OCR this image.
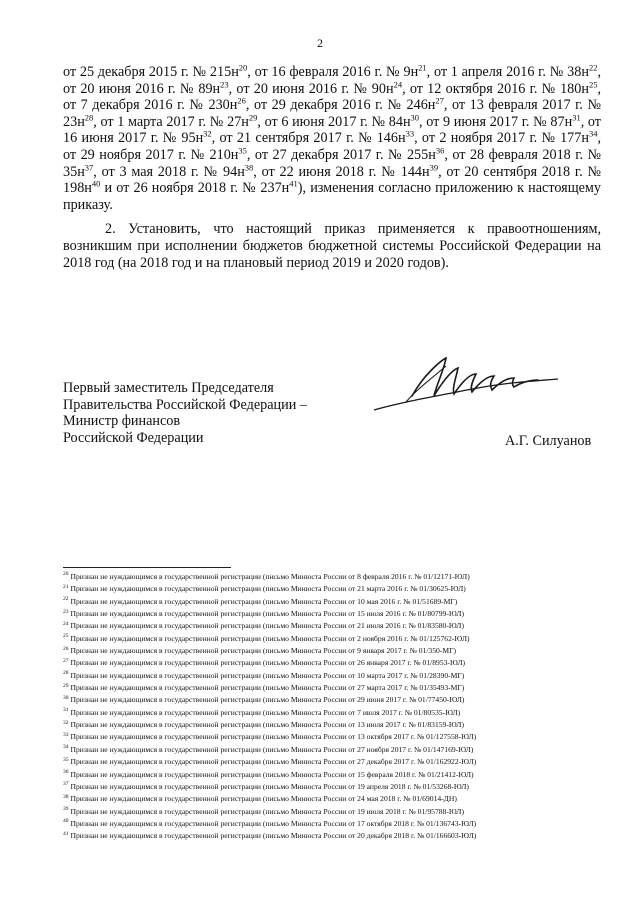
2

от 25 декабря 2015 г. № $215н^{20}$, от 16 февраля 2016 г. № $9н^{21}$, от 1 апреля 2016 г. № $38н^{22}$, от 20 июня 2016 г. № $89н^{23}$, от 20 июня 2016 г. № $90н^{24}$, от 12 октября 2016 г. № $180н^{25}$, от 7 декабря 2016 г. № $230н^{26}$, от 29 декабря 2016 г. № $246н^{27}$, от 13 февраля 2017 г. № $23н^{28}$, от 1 марта 2017 г. № $27н^{29}$, от 6 июня 2017 г. № $84н^{30}$, от 9 июня 2017 г. № $87н^{31}$, от 16 июня 2017 г. № $95н^{32}$, от 21 сентября 2017 г. № $146н^{33}$, от 2 ноября 2017 г. № $177н^{34}$, от 29 ноября 2017 г. № $210н^{35}$, от 27 декабря 2017 г. № $255н^{36}$, от 28 февраля 2018 г. № $35н^{37}$, от 3 мая 2018 г. № $94н^{38}$, от 22 июня 2018 г. № $144н^{39}$, от 20 сентября 2018 г. № $198н^{40}$ и от 26 ноября 2018 г. № $237н^{41}$), изменения согласно приложению к настоящему приказу.

2. Установить, что настоящий приказ применяется к правоотношениям, возникшим при исполнении бюджетов бюджетной системы Российской Федерации на 2018 год (на 2018 год и на плановый период 2019 и 2020 годов).

Первый заместитель Председателя
Правительства Российской Федерации –
Министр финансов
Российской Федерации	А.Г. Силуанов
$^{20}$ Признан не нуждающимся в государственной регистрации (письмо Минюста России от 8 февраля 2016 г. № 01/12171-ЮЛ)
$^{21}$ Признан не нуждающимся в государственной регистрации (письмо Минюста России от 21 марта 2016 г. № 01/30625-ЮЛ)
$^{22}$ Признан не нуждающимся в государственной регистрации (письмо Минюста России от 10 мая 2016 г. № 01/51689-МГ)
$^{23}$ Признан не нуждающимся в государственной регистрации (письмо Минюста России от 15 июля 2016 г. № 01/80799-ЮЛ)
$^{24}$ Признан не нуждающимся в государственной регистрации (письмо Минюста России от 21 июля 2016 г. № 01/83580-ЮЛ)
$^{25}$ Признан не нуждающимся в государственной регистрации (письмо Минюста России от 2 ноября 2016 г. № 01/125762-ЮЛ)
$^{26}$ Признан не нуждающимся в государственной регистрации (письмо Минюста России от 9 января 2017 г. № 01/350-МГ)
$^{27}$ Признан не нуждающимся в государственной регистрации (письмо Минюста России от 26 января 2017 г. № 01/8953-ЮЛ)
$^{28}$ Признан не нуждающимся в государственной регистрации (письмо Минюста России от 10 марта 2017 г. № 01/28390-МГ)
$^{29}$ Признан не нуждающимся в государственной регистрации (письмо Минюста России от 27 марта 2017 г. № 01/35493-МГ)
$^{30}$ Признан не нуждающимся в государственной регистрации (письмо Минюста России от 29 июня 2017 г. № 01/77450-ЮЛ)
$^{31}$ Признан не нуждающимся в государственной регистрации (письмо Минюста России от 7 июля 2017 г. № 01/80535-ЮЛ)
$^{32}$ Признан не нуждающимся в государственной регистрации (письмо Минюста России от 13 июля 2017 г. № 01/83159-ЮЛ)
$^{33}$ Признан не нуждающимся в государственной регистрации (письмо Минюста России от 13 октября 2017 г. № 01/127558-ЮЛ)
$^{34}$ Признан не нуждающимся в государственной регистрации (письмо Минюста России от 27 ноября 2017 г. № 01/147169-ЮЛ)
$^{35}$ Признан не нуждающимся в государственной регистрации (письмо Минюста России от 27 декабря 2017 г. № 01/162922-ЮЛ)
$^{36}$ Признан не нуждающимся в государственной регистрации (письмо Минюста России от 15 февраля 2018 г. № 01/21412-ЮЛ)
$^{37}$ Признан не нуждающимся в государственной регистрации (письмо Минюста России от 19 апреля 2018 г. № 01/53268-ЮЛ)
$^{38}$ Признан не нуждающимся в государственной регистрации (письмо Минюста России от 24 мая 2018 г. № 01/69014-ДН)
$^{39}$ Признан не нуждающимся в государственной регистрации (письмо Минюста России от 19 июля 2018 г. № 01/95788-ЮЛ)
$^{40}$ Признан не нуждающимся в государственной регистрации (письмо Минюста России от 17 октября 2018 г. № 01/136743-ЮЛ)
$^{41}$ Признан не нуждающимся в государственной регистрации (письмо Минюста России от 20 декабря 2018 г. № 01/166603-ЮЛ)
